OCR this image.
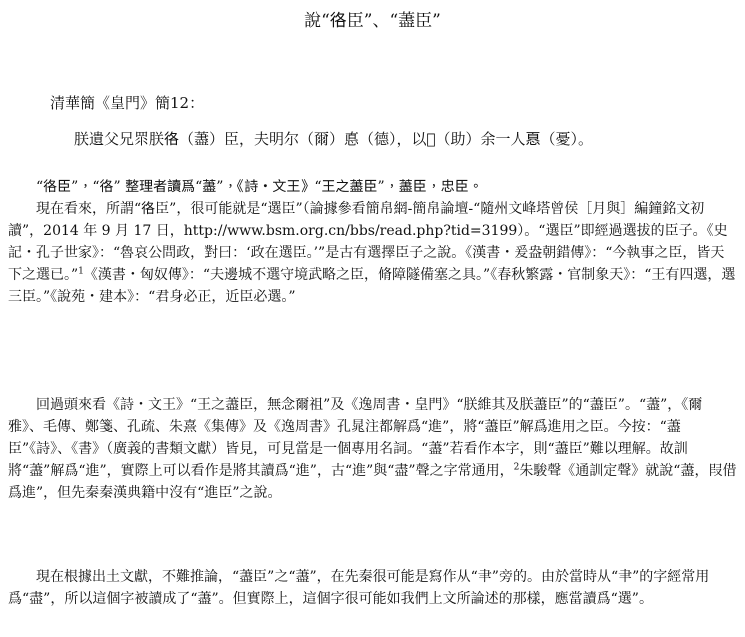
說“𢓜臣”、“藎臣”
清華簡《皇門》簡12：
朕遺父兄眔朕𢓜（藎）臣，夫明尔（爾）悳（德），以𦕜（助）余一人𢝊（憂）。
“𢓜臣”，“𢓜” 整理者讀爲“藎”，《詩・文王》“王之藎臣”，藎臣，忠臣。
現在看來，所謂“𢓜臣”，很可能就是“選臣”（論據參看簡帛網-簡帛論壇-“隨州文峰塔曾侯［月與］編鐘銘文初讀”，2014 年 9 月 17 日，http://www.bsm.org.cn/bbs/read.php?tid=3199）。“選臣”即經過選拔的臣子。《史記・孔子世家》：“魯哀公問政，對曰：‘政在選臣。’”是古有選擇臣子之說。《漢書・爰盎朝錯傳》：“今執事之臣，皆天下之選已。”$^1$《漢書・匈奴傳》：“夫邊城不選守境武略之臣，脩障隧備塞之具。”《春秋繁露・官制象天》：“王有四選，選三臣。”《說苑・建本》：“君身必正，近臣必選。”
回過頭來看《詩・文王》“王之藎臣，無念爾祖”及《逸周書・皇門》“朕維其及朕藎臣”的“藎臣”。“藎”，《爾雅》、毛傳、鄭箋、孔疏、朱熹《集傳》及《逸周書》孔晁注都解爲“進”，將“藎臣”解爲進用之臣。今按：“藎臣”《詩》、《書》（廣義的書類文獻）皆見，可見當是一個專用名詞。“藎”若看作本字，則“藎臣”難以理解。故訓將“藎”解爲“進”，實際上可以看作是將其讀爲“進”，古“進”與“盡”聲之字常通用，$^2$朱駿聲《通訓定聲》就說“藎，叚借爲進”，但先秦秦漢典籍中沒有“進臣”之說。
現在根據出土文獻，不難推論，“藎臣”之“藎”，在先秦很可能是寫作从“𦘒”旁的。由於當時从“𦘒”的字經常用爲“盡”，所以這個字被讀成了“藎”。但實際上，這個字很可能如我們上文所論述的那樣，應當讀爲“選”。
